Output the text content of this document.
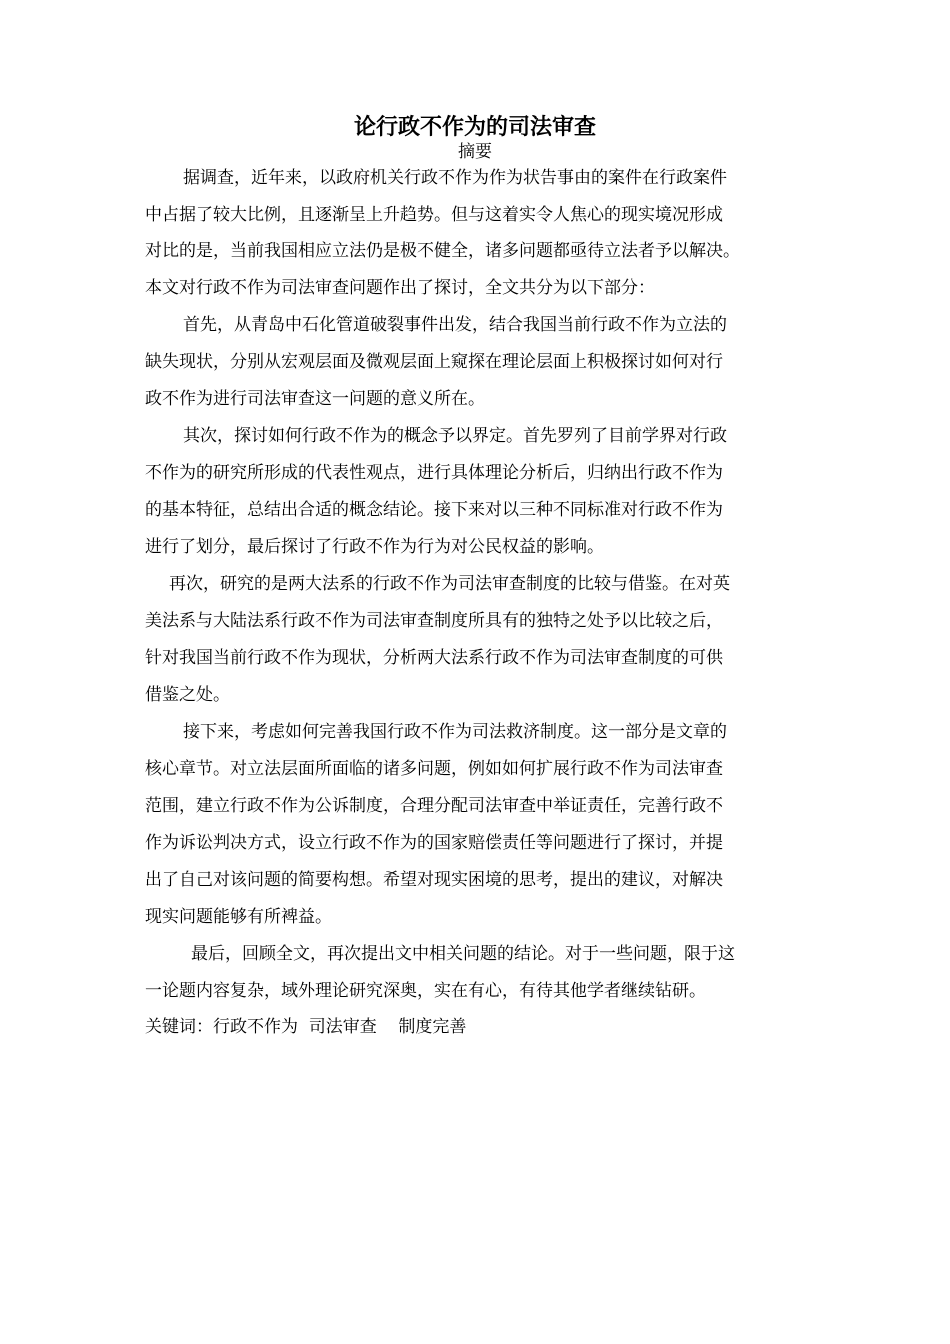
论行政不作为的司法审查
摘要
据调查，近年来，以政府机关行政不作为作为状告事由的案件在行政案件
中占据了较大比例，且逐渐呈上升趋势。但与这着实令人焦心的现实境况形成
对比的是，当前我国相应立法仍是极不健全，诸多问题都亟待立法者予以解决。
本文对行政不作为司法审查问题作出了探讨，全文共分为以下部分：
首先，从青岛中石化管道破裂事件出发，结合我国当前行政不作为立法的
缺失现状，分别从宏观层面及微观层面上窥探在理论层面上积极探讨如何对行
政不作为进行司法审查这一问题的意义所在。
其次，探讨如何行政不作为的概念予以界定。首先罗列了目前学界对行政
不作为的研究所形成的代表性观点，进行具体理论分析后，归纳出行政不作为
的基本特征，总结出合适的概念结论。接下来对以三种不同标准对行政不作为
进行了划分，最后探讨了行政不作为行为对公民权益的影响。
再次，研究的是两大法系的行政不作为司法审查制度的比较与借鉴。在对英
美法系与大陆法系行政不作为司法审查制度所具有的独特之处予以比较之后，
针对我国当前行政不作为现状，分析两大法系行政不作为司法审查制度的可供
借鉴之处。
接下来，考虑如何完善我国行政不作为司法救济制度。这一部分是文章的
核心章节。对立法层面所面临的诸多问题，例如如何扩展行政不作为司法审查
范围，建立行政不作为公诉制度，合理分配司法审查中举证责任，完善行政不
作为诉讼判决方式，设立行政不作为的国家赔偿责任等问题进行了探讨，并提
出了自己对该问题的简要构想。希望对现实困境的思考，提出的建议，对解决
现实问题能够有所裨益。
最后，回顾全文，再次提出文中相关问题的结论。对于一些问题，限于这
一论题内容复杂，域外理论研究深奥，实在有心，有待其他学者继续钻研。
关键词：行政不作为  司法审查    制度完善
